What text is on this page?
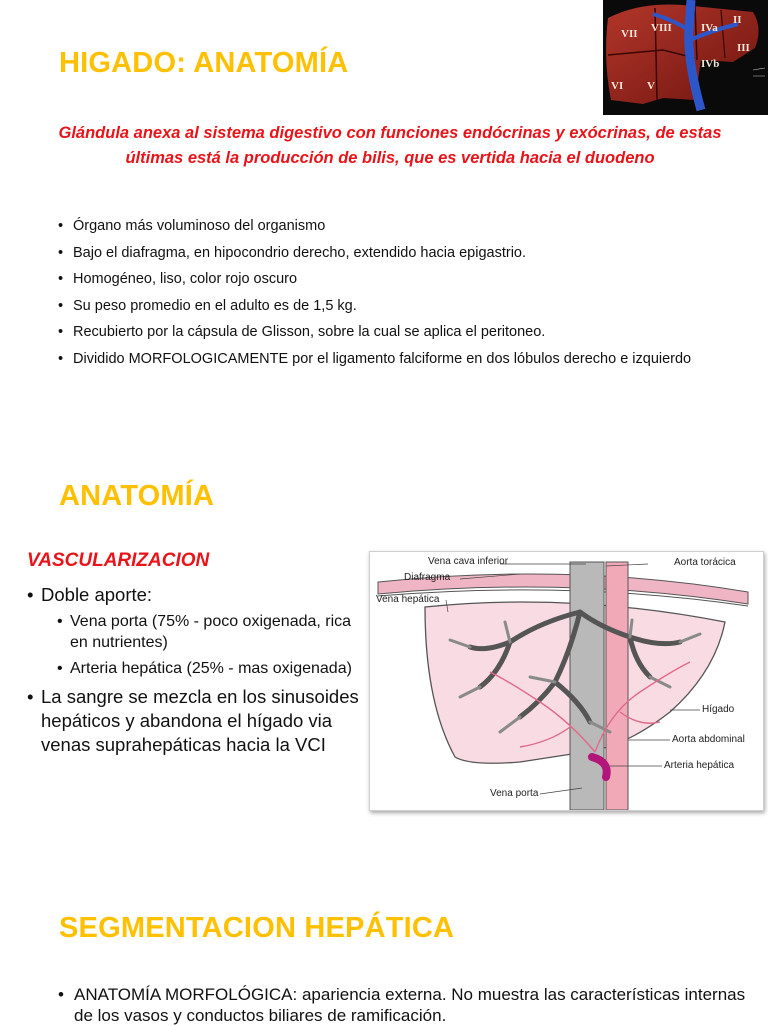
HIGADO: ANATOMÍA
Glándula anexa al sistema digestivo con funciones endócrinas y exócrinas, de estas últimas está la producción de bilis, que es vertida hacia el duodeno
• Órgano más voluminoso del organismo
• Bajo el diafragma, en hipocondrio derecho, extendido hacia epigastrio.
• Homogéneo, liso, color rojo oscuro
• Su peso promedio en el adulto es de 1,5 kg.
• Recubierto por la cápsula de Glisson, sobre la cual se aplica el peritoneo.
• Dividido MORFOLOGICAMENTE por el ligamento falciforme en dos lóbulos derecho e izquierdo
VIII	IVa
II
VII
III
IVb
VI V
ANATOMÍA
VASCULARIZACION
• Doble aporte:
• Vena porta (75% - poco oxigenada, rica en nutrientes)
• Arteria hepática (25% - mas oxigenada)
• La sangre se mezcla en los sinusoides hepáticos y abandona el hígado via venas suprahepáticas hacia la VCI
Vena cava inferior	Aorta torácica
Diafragma
Vena hepática
Hígado
Aorta abdominal
Arteria hepática
Vena porta
SEGMENTACION HEPÁTICA
• ANATOMÍA MORFOLÓGICA: apariencia externa. No muestra las características internas de los vasos y conductos biliares de ramificación.
